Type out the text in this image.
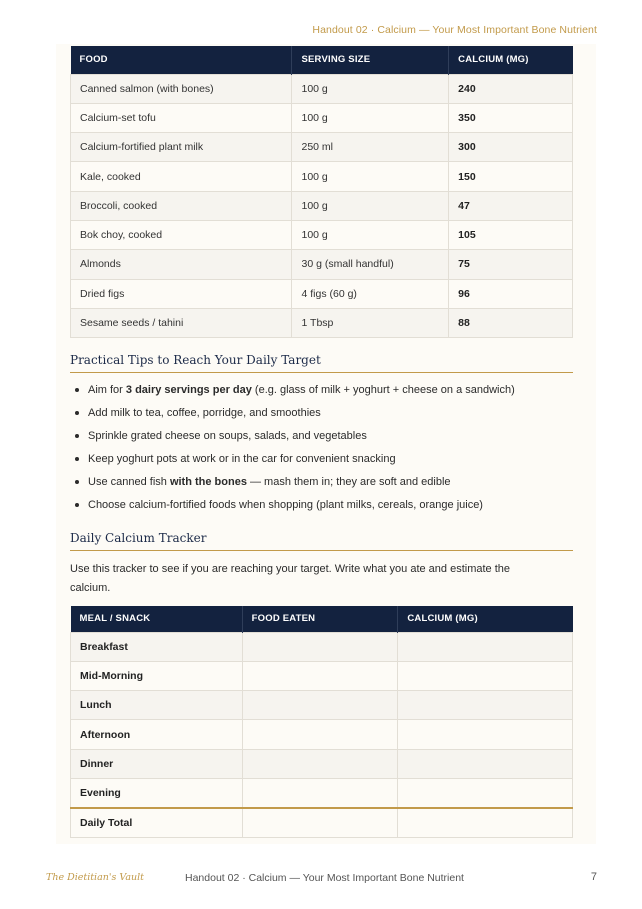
Handout 02 · Calcium — Your Most Important Bone Nutrient
FOOD	SERVING SIZE	CALCIUM (MG)
Canned salmon (with bones)	100 g	240
Calcium-set tofu	100 g	350
Calcium-fortified plant milk	250 ml	300
Kale, cooked	100 g	150
Broccoli, cooked	100 g	47
Bok choy, cooked	100 g	105
Almonds	30 g (small handful)	75
Dried figs	4 figs (60 g)	96
Sesame seeds / tahini	1 Tbsp	88
Practical Tips to Reach Your Daily Target
Aim for 3 dairy servings per day (e.g. glass of milk + yoghurt + cheese on a sandwich)
Add milk to tea, coffee, porridge, and smoothies
Sprinkle grated cheese on soups, salads, and vegetables
Keep yoghurt pots at work or in the car for convenient snacking
Use canned fish with the bones — mash them in; they are soft and edible
Choose calcium-fortified foods when shopping (plant milks, cereals, orange juice)
Daily Calcium Tracker

Use this tracker to see if you are reaching your target. Write what you ate and estimate the calcium.

MEAL / SNACK	FOOD EATEN	CALCIUM (MG)
Breakfast		
Mid-Morning		
Lunch		
Afternoon		
Dinner		
Evening		
Daily Total		
The Dietitian's Vault	Handout 02 · Calcium — Your Most Important Bone Nutrient	7
